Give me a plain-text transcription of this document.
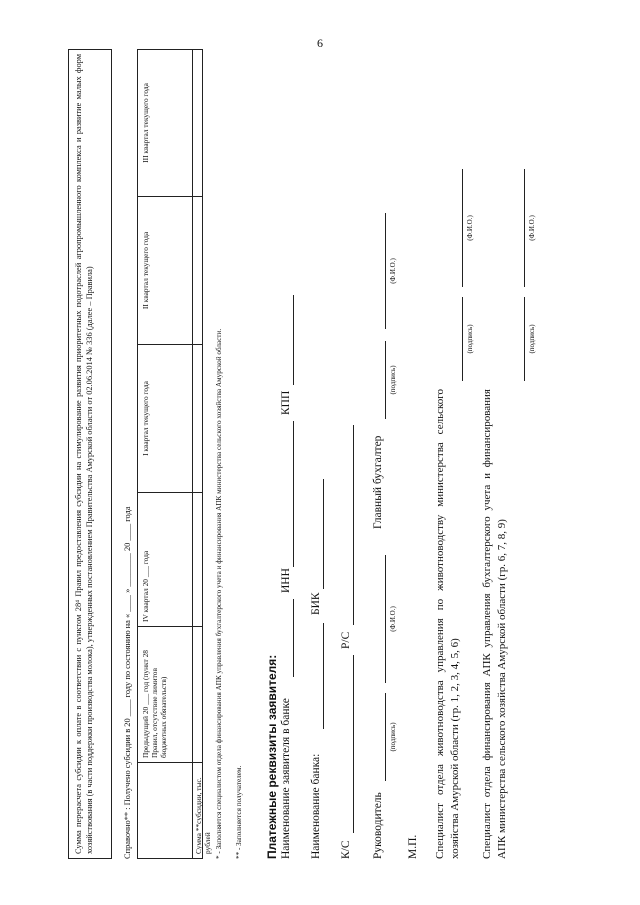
6
Сумма перерасчета субсидии к оплате в соответствии с пунктом 28⁴ Правил предоставления субсидии на стимулирование развития приоритетных подотраслей агропромышленного комплекса и развитие малых форм хозяйствования (в части поддержки производства молока), утвержденных постановлением Правительства Амурской области от 02.06.2014 № 336 (далее – Правила)	Справочно** : Получено субсидии в 20 ____ году по состоянию на « ____ » ________ 20 ____ года	Предыдущий 20 ___ год (пункт 28 Правил, отсутствие лимитов бюджетных обязательств)
IV квартал 20 ___ года
I квартал текущего года
II квартал текущего года
III квартал текущего года
Сумма **субсидии, тыс. рублей * - Заполняется специалистом отдела финансирования АПК управления бухгалтерского учета и финансирования АПК министерства сельского хозяйства Амурской области. ** - Заполняется получателем. Платежные реквизиты заявителя: Наименование заявителя в банке
ИНН
КПП
Наименование банка:
БИК
К/С
Р/С
Руководитель
(подпись)
(Ф.И.О.)
Главный бухгалтер
(подпись)
(Ф.И.О.)
М.П. Специалист отдела животноводства управления по животноводству министерства сельского хозяйства Амурской области (гр. 1, 2, 3, 4, 5, 6)
(подпись)
(Ф.И.О.)
Специалист отдела финансирования АПК управления бухгалтерского учета и финансирования АПК министерства сельского хозяйства Амурской области (гр. 6, 7, 8, 9)
(подпись)
(Ф.И.О.)
